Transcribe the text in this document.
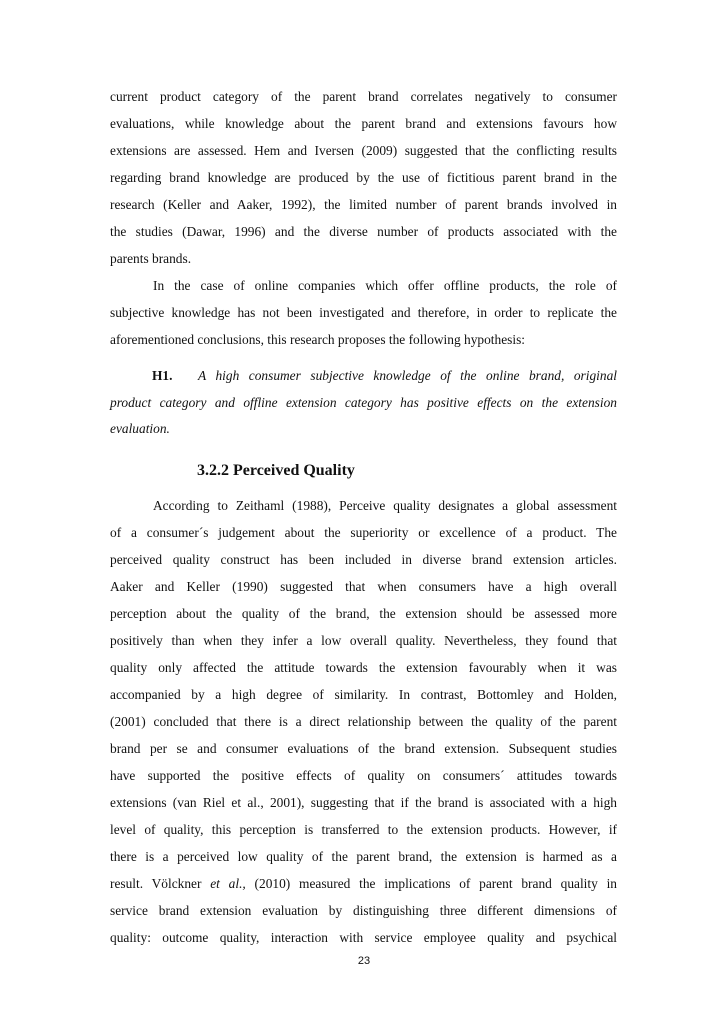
current product category of the parent brand correlates negatively to consumer
evaluations, while knowledge about the parent brand and extensions favours how
extensions are assessed. Hem and Iversen (2009) suggested that the conflicting results
regarding brand knowledge are produced by the use of fictitious parent brand in the
research (Keller and Aaker, 1992), the limited number of parent brands involved in
the studies (Dawar, 1996) and the diverse number of products associated with the
parents brands.
In the case of online companies which offer offline products, the role of
subjective knowledge has not been investigated and therefore, in order to replicate the
aforementioned conclusions, this research proposes the following hypothesis:
H1. A high consumer subjective knowledge of the online brand, original
product category and offline extension category has positive effects on the extension
evaluation.
3.2.2 Perceived Quality
According to Zeithaml (1988), Perceive quality designates a global assessment
of a consumer´s judgement about the superiority or excellence of a product. The
perceived quality construct has been included in diverse brand extension articles.
Aaker and Keller (1990) suggested that when consumers have a high overall
perception about the quality of the brand, the extension should be assessed more
positively than when they infer a low overall quality. Nevertheless, they found that
quality only affected the attitude towards the extension favourably when it was
accompanied by a high degree of similarity. In contrast, Bottomley and Holden,
(2001) concluded that there is a direct relationship between the quality of the parent
brand per se and consumer evaluations of the brand extension. Subsequent studies
have supported the positive effects of quality on consumers´ attitudes towards
extensions (van Riel et al., 2001), suggesting that if the brand is associated with a high
level of quality, this perception is transferred to the extension products. However, if
there is a perceived low quality of the parent brand, the extension is harmed as a
result. Völckner et al., (2010) measured the implications of parent brand quality in
service brand extension evaluation by distinguishing three different dimensions of
quality: outcome quality, interaction with service employee quality and psychical
23
